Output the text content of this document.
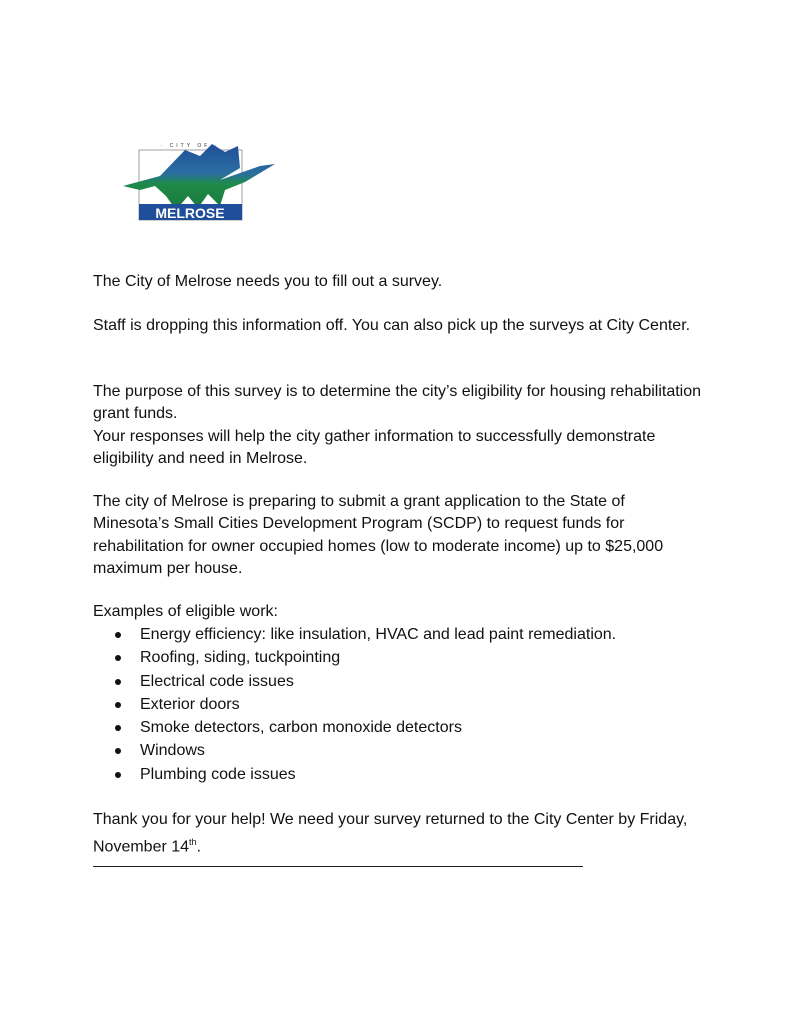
· CITY OF ·
MELROSE

The City of Melrose needs you to fill out a survey.

Staff is dropping this information off. You can also pick up the surveys at City Center.

The purpose of this survey is to determine the city’s eligibility for housing rehabilitation grant funds.

Your responses will help the city gather information to successfully demonstrate eligibility and need in Melrose.

The city of Melrose is preparing to submit a grant application to the State of Minesota’s Small Cities Development Program (SCDP) to request funds for rehabilitation for owner occupied homes (low to moderate income) up to $25,000 maximum per house.

Examples of eligible work:

Energy efficiency: like insulation, HVAC and lead paint remediation.
Roofing, siding, tuckpointing
Electrical code issues
Exterior doors
Smoke detectors, carbon monoxide detectors
Windows
Plumbing code issues

Thank you for your help! We need your survey returned to the City Center by Friday, November 14th.
